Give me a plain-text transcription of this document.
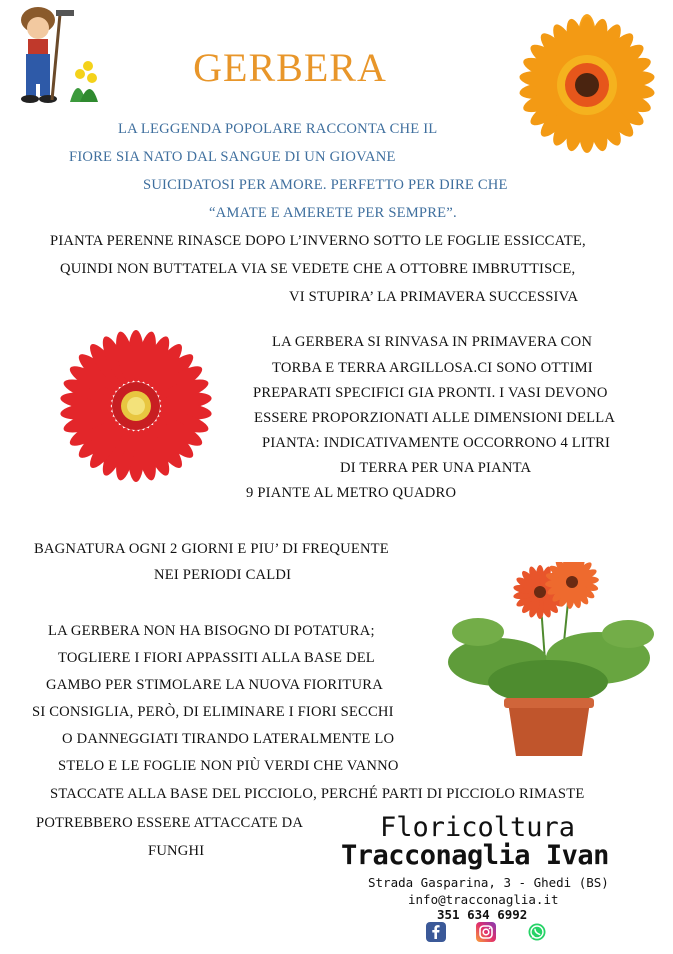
GERBERA
LA LEGGENDA POPOLARE RACCONTA CHE IL
FIORE SIA NATO DAL SANGUE DI UN GIOVANE
SUICIDATOSI PER AMORE. PERFETTO PER DIRE CHE
“AMATE E AMERETE PER SEMPRE”.
PIANTA PERENNE RINASCE DOPO L’INVERNO SOTTO LE FOGLIE ESSICCATE,
QUINDI NON BUTTATELA VIA SE VEDETE CHE A OTTOBRE IMBRUTTISCE,
VI STUPIRA’ LA PRIMAVERA SUCCESSIVA
LA GERBERA SI RINVASA IN PRIMAVERA CON
TORBA E TERRA ARGILLOSA.CI SONO OTTIMI
PREPARATI SPECIFICI GIA PRONTI. I VASI DEVONO
ESSERE PROPORZIONATI ALLE DIMENSIONI DELLA
PIANTA: INDICATIVAMENTE OCCORRONO 4 LITRI
DI TERRA PER UNA PIANTA
9 PIANTE AL METRO QUADRO
BAGNATURA OGNI 2 GIORNI E PIU’ DI FREQUENTE
NEI PERIODI CALDI
LA GERBERA NON HA BISOGNO DI POTATURA;
TOGLIERE I FIORI APPASSITI ALLA BASE DEL
GAMBO PER STIMOLARE LA NUOVA FIORITURA
SI CONSIGLIA, PERÒ, DI ELIMINARE I FIORI SECCHI
O DANNEGGIATI TIRANDO LATERALMENTE LO
STELO E LE FOGLIE NON PIÙ VERDI CHE VANNO
STACCATE ALLA BASE DEL PICCIOLO, PERCHÉ PARTI DI PICCIOLO RIMASTE
POTREBBERO ESSERE ATTACCATE DA
FUNGHI
Floricoltura
Tracconaglia Ivan
Strada Gasparina, 3 - Ghedi (BS)
info@tracconaglia.it
351 634 6992
